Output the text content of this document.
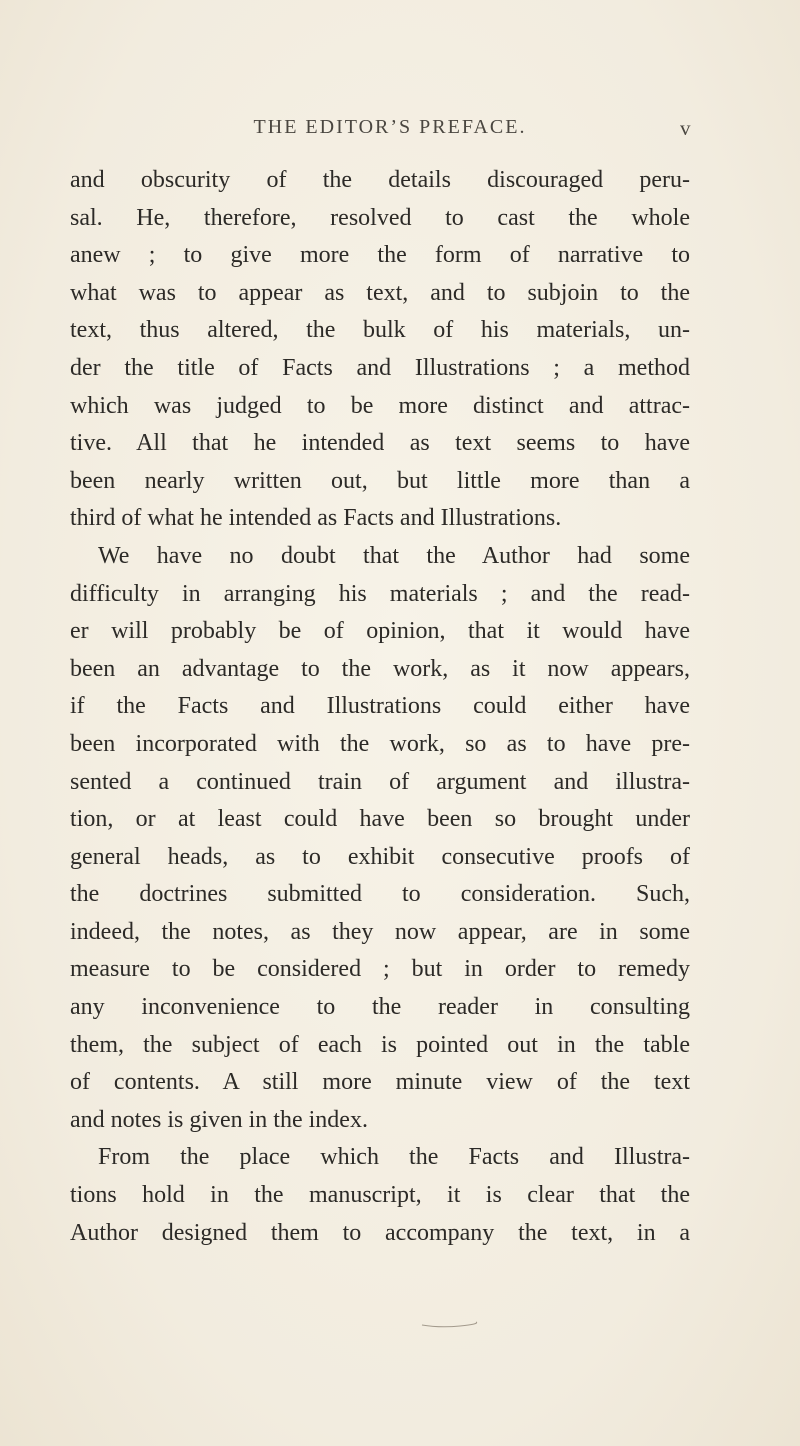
THE EDITOR’S PREFACE.	v
and obscurity of the details discouraged peru-
sal. He, therefore, resolved to cast the whole
anew ; to give more the form of narrative to
what was to appear as text, and to subjoin to the
text, thus altered, the bulk of his materials, un-
der the title of Facts and Illustrations ; a method
which was judged to be more distinct and attrac-
tive. All that he intended as text seems to have
been nearly written out, but little more than a
third of what he intended as Facts and Illustrations.
We have no doubt that the Author had some
difficulty in arranging his materials ; and the read-
er will probably be of opinion, that it would have
been an advantage to the work, as it now appears,
if the Facts and Illustrations could either have
been incorporated with the work, so as to have pre-
sented a continued train of argument and illustra-
tion, or at least could have been so brought under
general heads, as to exhibit consecutive proofs of
the doctrines submitted to consideration. Such,
indeed, the notes, as they now appear, are in some
measure to be considered ; but in order to remedy
any inconvenience to the reader in consulting
them, the subject of each is pointed out in the table
of contents. A still more minute view of the text
and notes is given in the index.
From the place which the Facts and Illustra-
tions hold in the manuscript, it is clear that the
Author designed them to accompany the text, in a
